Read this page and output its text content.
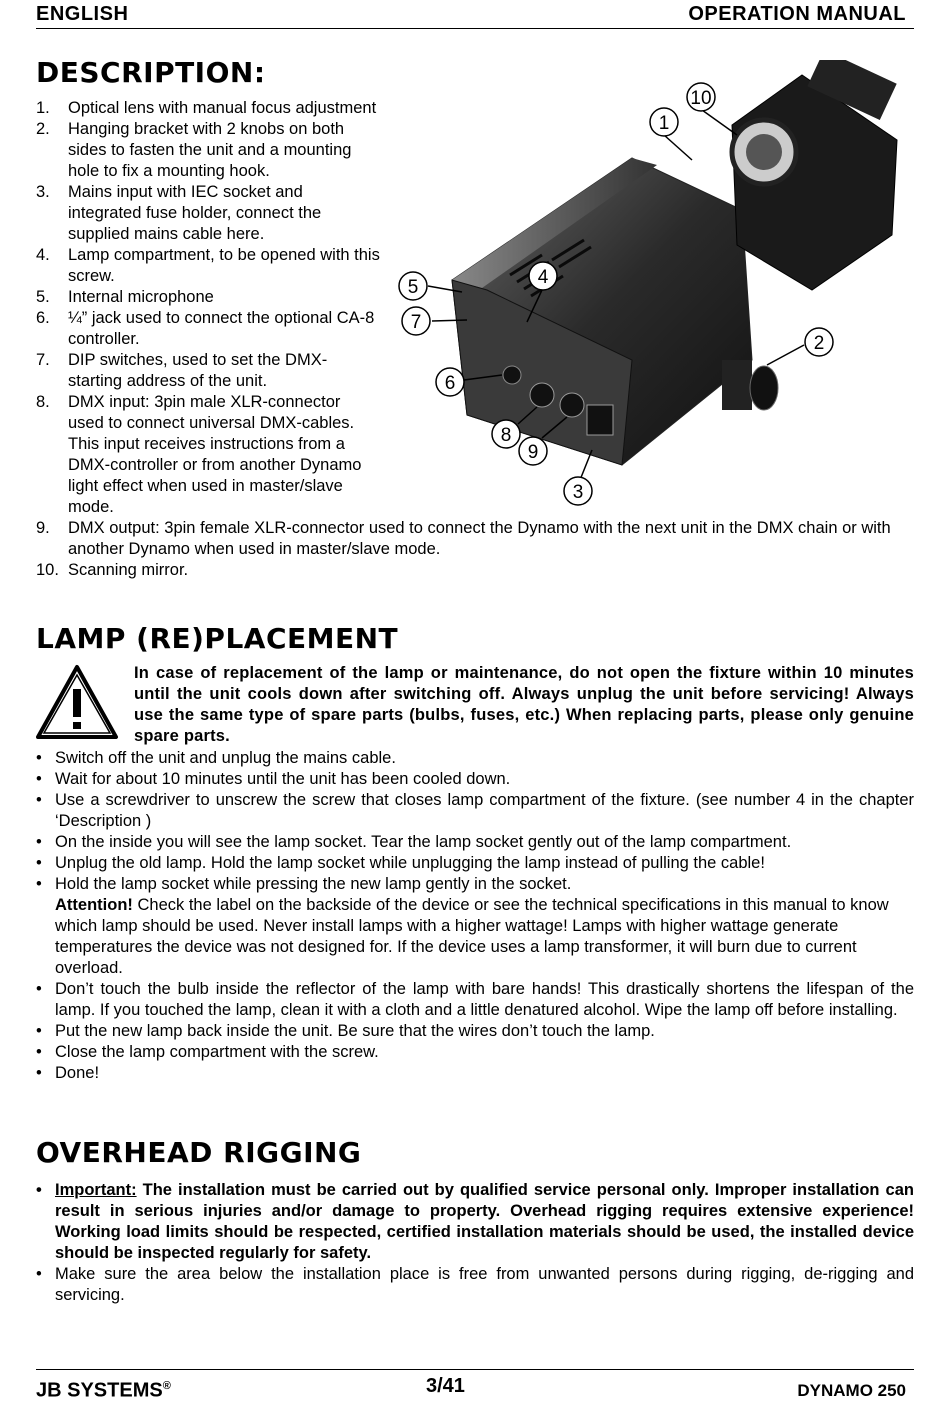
ENGLISH	OPERATION MANUAL
DESCRIPTION:
1. Optical lens with manual focus adjustment
2. Hanging bracket with 2 knobs on both sides to fasten the unit and a mounting hole to fix a mounting hook.
3. Mains input with IEC socket and integrated fuse holder, connect the supplied mains cable here.
4. Lamp compartment, to be opened with this screw.
5. Internal microphone
6. ¼” jack used to connect the optional CA-8 controller.
7. DIP switches, used to set the DMX-starting address of the unit.
8. DMX input: 3pin male XLR-connector used to connect universal DMX-cables. This input receives instructions from a DMX-controller or from another Dynamo light effect when used in master/slave mode.
9. DMX output: 3pin female XLR-connector used to connect the Dynamo with the next unit in the DMX chain or with another Dynamo when used in master/slave mode.
10. Scanning mirror.
10
1
4
5
7
2
6
8
9
3
LAMP (RE)PLACEMENT
In case of replacement of the lamp or maintenance, do not open the fixture within 10 minutes until the unit cools down after switching off. Always unplug the unit before servicing! Always use the same type of spare parts (bulbs, fuses, etc.) When replacing parts, please only genuine spare parts.
• Switch off the unit and unplug the mains cable.
• Wait for about 10 minutes until the unit has been cooled down.
• Use a screwdriver to unscrew the screw that closes lamp compartment of the fixture. (see number 4 in the chapter ‘Description )
• On the inside you will see the lamp socket. Tear the lamp socket gently out of the lamp compartment.
• Unplug the old lamp. Hold the lamp socket while unplugging the lamp instead of pulling the cable!
• Hold the lamp socket while pressing the new lamp gently in the socket.
Attention! Check the label on the backside of the device or see the technical specifications in this manual to know which lamp should be used. Never install lamps with a higher wattage! Lamps with higher wattage generate temperatures the device was not designed for. If the device uses a lamp transformer, it will burn due to current overload.
• Don’t touch the bulb inside the reflector of the lamp with bare hands! This drastically shortens the lifespan of the lamp. If you touched the lamp, clean it with a cloth and a little denatured alcohol. Wipe the lamp off before installing.
• Put the new lamp back inside the unit. Be sure that the wires don’t touch the lamp.
• Close the lamp compartment with the screw.
• Done!
OVERHEAD RIGGING
• Important: The installation must be carried out by qualified service personal only. Improper installation can result in serious injuries and/or damage to property. Overhead rigging requires extensive experience! Working load limits should be respected, certified installation materials should be used, the installed device should be inspected regularly for safety.
• Make sure the area below the installation place is free from unwanted persons during rigging, de-rigging and servicing.
JB SYSTEMS®	3/41	DYNAMO 250
